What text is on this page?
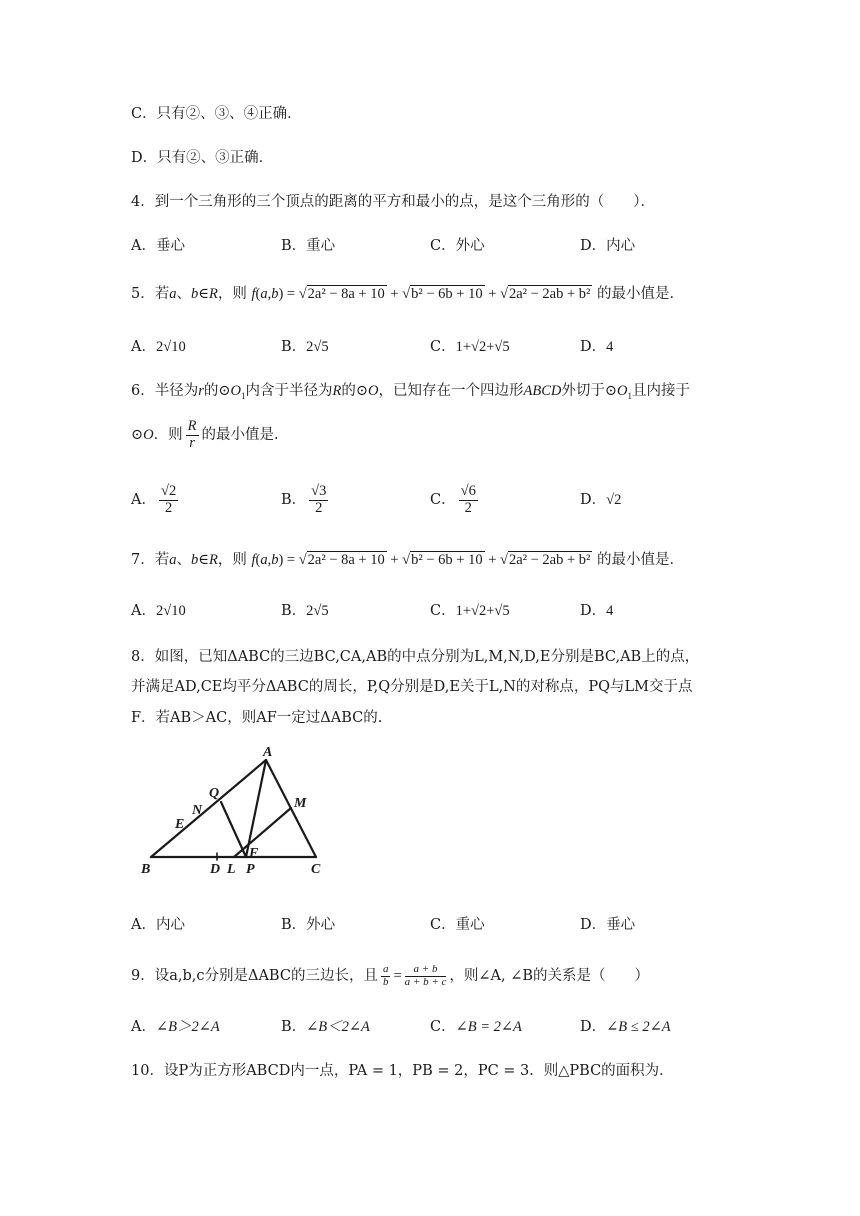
C．只有②、③、④正确．
D．只有②、③正确．
4．到一个三角形的三个顶点的距离的平方和最小的点，是这个三角形的（　　）．
A．垂心	B．重心	C．外心	D．内心
5．若a、b∈R，则 f(a,b) = √2a² − 8a + 10 + √b² − 6b + 10 + √2a² − 2ab + b² 的最小值是．
A．2√10	B．2√5	C．1+√2+√5	D．4
6．半径为r的$⊙O_1$内含于半径为R的⊙O，已知存在一个四边形ABCD外切于$⊙O_1$且内接于
⊙O．则 $\frac{R}{r}$ 的最小值是.
A． $\frac{√2}{2}$	B． $\frac{√3}{2}$	C． $\frac{√6}{2}$	D．√2
7．若a、b∈R，则 f(a,b) = √2a² − 8a + 10 + √b² − 6b + 10 + √2a² − 2ab + b² 的最小值是．
A．2√10	B．2√5	C．1+√2+√5	D．4
8．如图，已知ΔABC的三边BC,CA,AB的中点分别为L,M,N,D,E分别是BC,AB上的点，
并满足AD,CE均平分ΔABC的周长，P,Q分别是D,E关于L,N的对称点，PQ与LM交于点
F．若AB＞AC，则AF一定过ΔABC的.
A
B	C
D L P
Q
N
E
M
F
A．内心	B．外心	C．重心	D．垂心
9．设a,b,c分别是ΔABC的三边长，且 $\frac{a}{b} = \frac{a + b}{a + b + c}$ ，则∠A, ∠B的关系是（　　）
A．∠B＞2∠A	B．∠B＜2∠A	C．∠B = 2∠A	D．∠B ≤ 2∠A
10．设P为正方形ABCD内一点，PA = 1，PB = 2，PC = 3．则△PBC的面积为．
